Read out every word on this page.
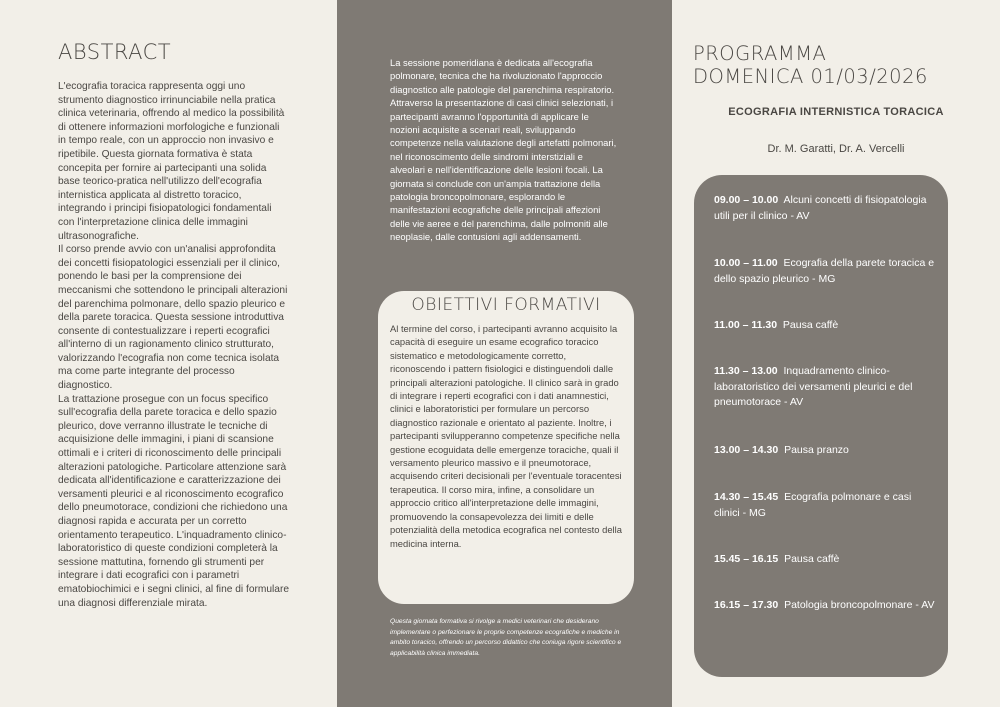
ABSTRACT

L'ecografia toracica rappresenta oggi uno strumento diagnostico irrinunciabile nella pratica clinica veterinaria, offrendo al medico la possibilità di ottenere informazioni morfologiche e funzionali in tempo reale, con un approccio non invasivo e ripetibile. Questa giornata formativa è stata concepita per fornire ai partecipanti una solida base teorico-pratica nell'utilizzo dell'ecografia internistica applicata al distretto toracico, integrando i principi fisiopatologici fondamentali con l'interpretazione clinica delle immagini ultrasonografiche.

Il corso prende avvio con un'analisi approfondita dei concetti fisiopatologici essenziali per il clinico, ponendo le basi per la comprensione dei meccanismi che sottendono le principali alterazioni del parenchima polmonare, dello spazio pleurico e della parete toracica. Questa sessione introduttiva consente di contestualizzare i reperti ecografici all'interno di un ragionamento clinico strutturato, valorizzando l'ecografia non come tecnica isolata ma come parte integrante del processo diagnostico.

La trattazione prosegue con un focus specifico sull'ecografia della parete toracica e dello spazio pleurico, dove verranno illustrate le tecniche di acquisizione delle immagini, i piani di scansione ottimali e i criteri di riconoscimento delle principali alterazioni patologiche. Particolare attenzione sarà dedicata all'identificazione e caratterizzazione dei versamenti pleurici e al riconoscimento ecografico dello pneumotorace, condizioni che richiedono una diagnosi rapida e accurata per un corretto orientamento terapeutico. L'inquadramento clinico-laboratoristico di queste condizioni completerà la sessione mattutina, fornendo gli strumenti per integrare i dati ecografici con i parametri ematobiochimici e i segni clinici, al fine di formulare una diagnosi differenziale mirata.

La sessione pomeridiana è dedicata all'ecografia polmonare, tecnica che ha rivoluzionato l'approccio diagnostico alle patologie del parenchima respiratorio. Attraverso la presentazione di casi clinici selezionati, i partecipanti avranno l'opportunità di applicare le nozioni acquisite a scenari reali, sviluppando competenze nella valutazione degli artefatti polmonari, nel riconoscimento delle sindromi interstiziali e alveolari e nell'identificazione delle lesioni focali. La giornata si conclude con un'ampia trattazione della patologia broncopolmonare, esplorando le manifestazioni ecografiche delle principali affezioni delle vie aeree e del parenchima, dalle polmoniti alle neoplasie, dalle contusioni agli addensamenti.

OBIETTIVI FORMATIVI

Al termine del corso, i partecipanti avranno acquisito la capacità di eseguire un esame ecografico toracico sistematico e metodologicamente corretto, riconoscendo i pattern fisiologici e distinguendoli dalle principali alterazioni patologiche. Il clinico sarà in grado di integrare i reperti ecografici con i dati anamnestici, clinici e laboratoristici per formulare un percorso diagnostico razionale e orientato al paziente. Inoltre, i partecipanti svilupperanno competenze specifiche nella gestione ecoguidata delle emergenze toraciche, quali il versamento pleurico massivo e il pneumotorace, acquisendo criteri decisionali per l'eventuale toracentesi terapeutica. Il corso mira, infine, a consolidare un approccio critico all'interpretazione delle immagini, promuovendo la consapevolezza dei limiti e delle potenzialità della metodica ecografica nel contesto della medicina interna.

Questa giornata formativa si rivolge a medici veterinari che desiderano implementare o perfezionare le proprie competenze ecografiche e mediche in ambito toracico, offrendo un percorso didattico che coniuga rigore scientifico e applicabilità clinica immediata.

PROGRAMMA
DOMENICA 01/03/2026

ECOGRAFIA INTERNISTICA TORACICA

Dr. M. Garatti, Dr. A. Vercelli

09.00 – 10.00 Alcuni concetti di fisiopatologia utili per il clinico - AV
10.00 – 11.00 Ecografia della parete toracica e dello spazio pleurico - MG
11.00 – 11.30 Pausa caffè
11.30 – 13.00 Inquadramento clinico-laboratoristico dei versamenti pleurici e del pneumotorace - AV
13.00 – 14.30 Pausa pranzo
14.30 – 15.45 Ecografia polmonare e casi clinici - MG
15.45 – 16.15 Pausa caffè
16.15 – 17.30 Patologia broncopolmonare - AV
